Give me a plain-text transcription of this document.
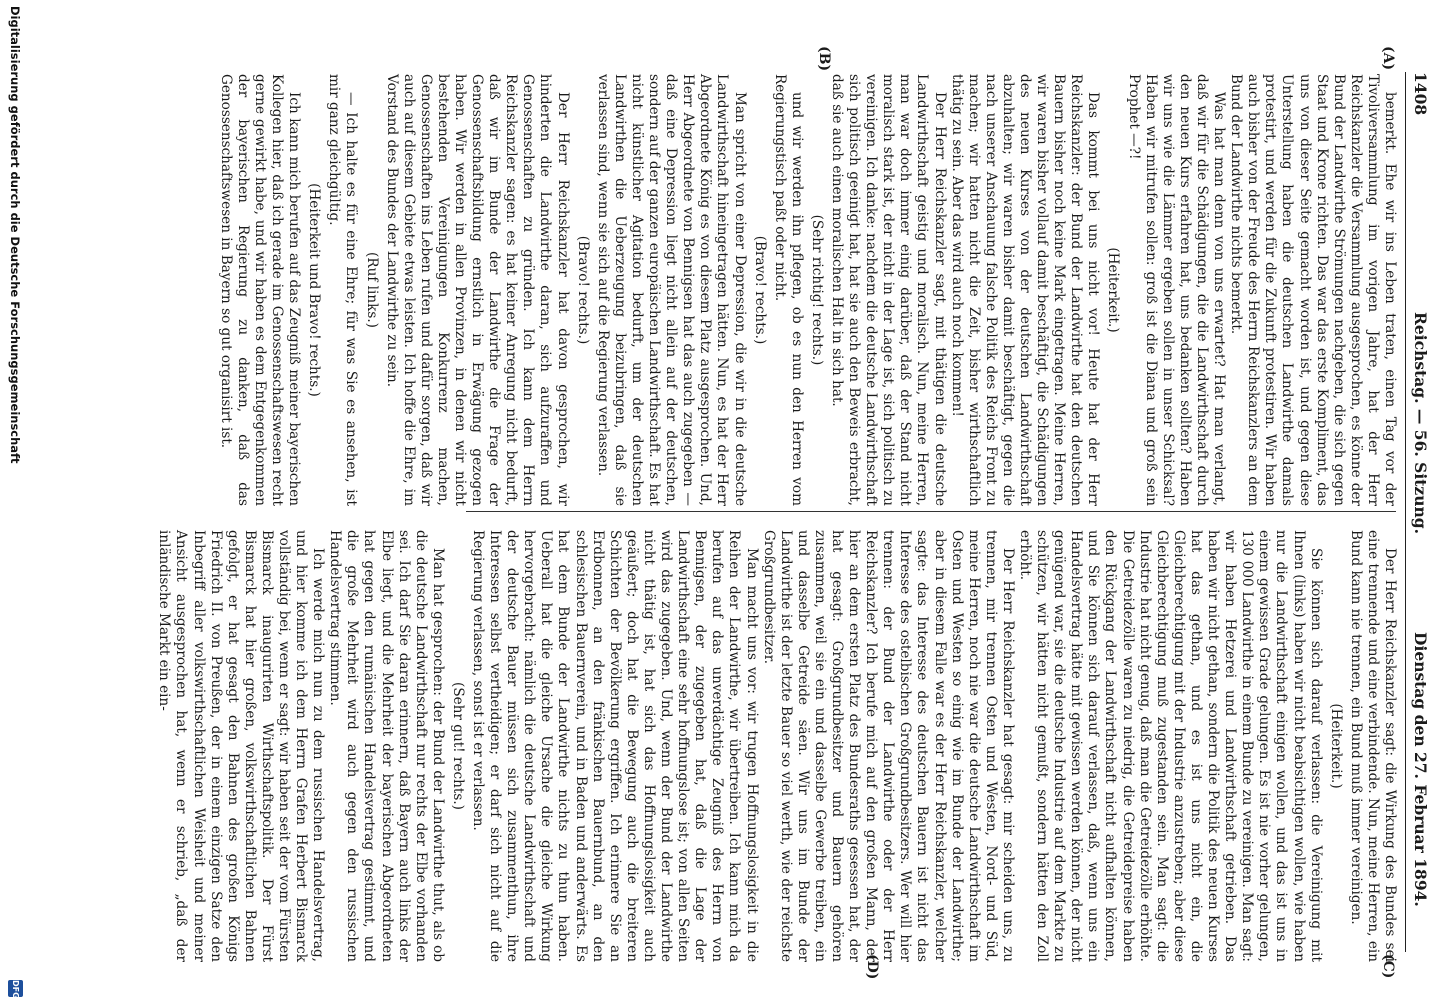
1408
Reichstag. — 56. Sitzung.
Dienstag den 27. Februar 1894.
(A)
(B)
(C)
(D)

bemerkt. Ehe wir ins Leben traten, einen Tag vor der Tivoliversammlung im vorigen Jahre, hat der Herr Reichskanzler die Versammlung ausgesprochen, es könne der Bund der Landwirthe Strömungen nachgeben, die sich gegen Staat und Krone richten. Das war das erste Kompliment, das uns von dieser Seite gemacht worden ist, und gegen diese Unterstellung haben die deutschen Landwirthe damals protestirt, und werden für die Zukunft protestiren. Wir haben auch bisher von der Freude des Herrn Reichskanzlers an dem Bund der Landwirthe nichts bemerkt.

Was hat man denn von uns erwartet? Hat man verlangt, daß wir für die Schädigungen, die die Landwirthschaft durch den neuen Kurs erfahren hat, uns bedanken sollten? Haben wir uns wie die Lämmer ergeben sollen in unser Schicksal? Haben wir mitrufen sollen: groß ist die Diana und groß sein Prophet —?!

(Heiterkeit.)

Das kommt bei uns nicht vor! Heute hat der Herr Reichskanzler: der Bund der Landwirthe hat den deutschen Bauern bisher noch keine Mark eingetragen. Meine Herren, wir waren bisher vollauf damit beschäftigt, die Schädigungen des neuen Kurses von der deutschen Landwirthschaft abzuhalten; wir waren bisher damit beschäftigt, gegen die nach unserer Anschauung falsche Politik des Reichs Front zu machen; wir hatten nicht die Zeit, bisher wirthschaftlich thätig zu sein. Aber das wird auch noch kommen!

Der Herr Reichskanzler sagt, mit thätigen die deutsche Landwirthschaft geistig und moralisch. Nun, meine Herren, man war doch immer einig darüber, daß der Stand nicht moralisch stark ist, der nicht in der Lage ist, sich politisch zu vereinigen. Ich danke: nachdem die deutsche Landwirthschaft sich politisch geeinigt hat, hat sie auch den Beweis erbracht, daß sie auch einen moralischen Halt in sich hat.

(Sehr richtig! rechts.)

und wir werden ihn pflegen, ob es nun den Herren vom Regierungstisch paßt oder nicht.

(Bravo! rechts.)

Man spricht von einer Depression, die wir in die deutsche Landwirthschaft hineingetragen hätten. Nun, es hat der Herr Abgeordnete König es von diesem Platz ausgesprochen. Und, Herr Abgeordnete von Bennigsen hat das auch zugegeben — daß eine Depression liegt nicht allein auf der deutschen, sondern auf der ganzen europäischen Landwirthschaft. Es hat nicht künstlicher Agitation bedurft, um der deutschen Landwirthen die Ueberzeugung beizubringen, daß sie verlassen sind, wenn sie sich auf die Regierung verlassen.

(Bravo! rechts.)

Der Herr Reichskanzler hat davon gesprochen, wir hinderten die Landwirthe daran, sich aufzuraffen und Genossenschaften zu gründen. Ich kann dem Herrn Reichskanzler sagen: es hat keiner Anregung nicht bedurft, daß wir im Bunde der Landwirthe die Frage der Genossenschaftsbildung ernstlich in Erwägung gezogen haben. Wir werden in allen Provinzen, in denen wir nicht bestehenden Vereinigungen Konkurrenz machen, Genossenschaften ins Leben rufen und dafür sorgen, daß wir auch auf diesem Gebiete etwas leisten. Ich hoffe die Ehre, im Vorstand des Bundes der Landwirthe zu sein.

(Ruf links.)

— Ich halte es für eine Ehre; für was Sie es ansehen, ist mir ganz gleichgültig.

(Heiterkeit und Bravo! rechts.)

Ich kann mich berufen auf das Zeugniß meiner bayerischen Kollegen hier, daß ich gerade im Genossenschaftswesen recht gerne gewirkt habe, und wir haben es dem Entgegenkommen der bayerischen Regierung zu danken, daß das Genossenschaftswesen in Bayern so gut organisirt ist.

Der Herr Reichskanzler sagt: die Wirkung des Bundes sei eine trennende und eine verbindende. Nun, meine Herren, ein Bund kann nie trennen, ein Bund muß immer vereinigen.

(Heiterkeit.)

Sie können sich darauf verlassen: die Vereinigung mit Ihnen (links) haben wir nicht beabsichtigen wollen, wie haben nur die Landwirthschaft einigen wollen, und das ist uns in einem gewissen Grade gelungen. Es ist nie vorher gelungen, 130 000 Landwirthe in einem Bunde zu vereinigen. Man sagt: wir haben Hetzerei und Landwirthschaft getrieben. Das haben wir nicht gethan, sondern die Politik des neuen Kurses hat das gethan, und es ist uns nicht ein, die Gleichberechtigung mit der Industrie anzustreben; aber diese Gleichberechtigung muß zugestanden sein. Man sagt: die Industrie hat nicht genug, daß man die Getreidezölle erhöhte. Die Getreidezölle waren zu niedrig, die Getreidepreise haben den Rückgang der Landwirthschaft nicht aufhalten können, und Sie können sich darauf verlassen, daß, wenn uns ein Handelsvertrag hätte mit gewissen werden können, der nicht genügend war, sie die deutsche Industrie auf dem Markte zu schützen, wir hätten nicht gemußt, sondern hätten den Zoll erhöht.

Der Herr Reichskanzler hat gesagt: mir scheiden uns, zu trennen, mir trennen Osten und Westen, Nord- und Süd, meine Herren, noch nie war die deutsche Landwirthschaft im Osten und Westen so einig wie im Bunde der Landwirthe; aber in diesem Falle war es der Herr Reichskanzler, welcher sagte: das Interesse des deutschen Bauern ist nicht das Interesse des ostelbischen Großgrundbesitzers. Wer will hier trennen: der Bund der Landwirthe oder der Herr Reichskanzler? Ich berufe mich auf den großen Mann, der hier an dem ersten Platz des Bundesraths gesessen hat, der hat gesagt: Großgrundbesitzer und Bauern gehören zusammen, weil sie ein und dasselbe Gewerbe treiben, ein und dasselbe Getreide säen. Wir uns im Bunde der Landwirthe ist der letzte Bauer so viel werth, wie der reichste Großgrundbesitzer.

Man macht uns vor: wir trugen Hoffnungslosigkeit in die Reihen der Landwirthe, wir übertreiben. Ich kann mich da berufen auf das unverdächtige Zeugniß des Herrn von Bennigsen, der zugegeben hat, daß die Lage der Landwirthschaft eine sehr hoffnungslose ist; von allen Seiten wird das zugegeben. Und, wenn der Bund der Landwirthe nicht thätig ist, hat sich das Hoffnungslosigkeit auch geäußert; doch hat die Bewegung auch die breiteren Schichten der Bevölkerung ergriffen. Ich erinnere Sie an Erdbonnen, an den fränkischen Bauernbund, an den schlesischen Bauernverein, und in Baden und anderwärts. Es hat dem Bunde der Landwirthe nichts zu thun haben. Ueberall hat die gleiche Ursache die gleiche Wirkung hervorgebracht: nämlich die deutsche Landwirthschaft und der deutsche Bauer müssen sich zusammenthun, ihre Interessen selbst vertheidigen; er darf sich nicht auf die Regierung verlassen, sonst ist er verlassen.

(Sehr gut! rechts.)

Man hat gesprochen: der Bund der Landwirthe thut, als ob die deutsche Landwirthschaft nur rechts der Elbe vorhanden sei. Ich darf Sie daran erinnern, daß Bayern auch links der Elbe liegt, und die Mehrheit der bayerischen Abgeordneten hat gegen den rumänischen Handelsvertrag gestimmt, und die große Mehrheit wird auch gegen den russischen Handelsvertrag stimmen.

Ich werde mich nun zu dem russischen Handelsvertrag, und hier komme ich dem Herrn Grafen Herbert Bismarck vollständig bei, wenn er sagt: wir haben seit der vom Fürsten Bismarck inaugurirten Wirthschaftspolitik. Der Fürst Bismarck hat hier großen, volkswirthschaftlichen Bahnen gefolgt, er hat gesagt den Bahnen des großen Königs Friedrich II. von Preußen, der in einem einzigen Satze den Inbegriff aller volkswirthschaftlichen Weisheit und meiner Ansicht ausgesprochen hat, wenn er schrieb, „daß der inländische Markt ein ein-

Digitalisierung gefördert durch die Deutsche Forschungsgemeinschaft
DFG
